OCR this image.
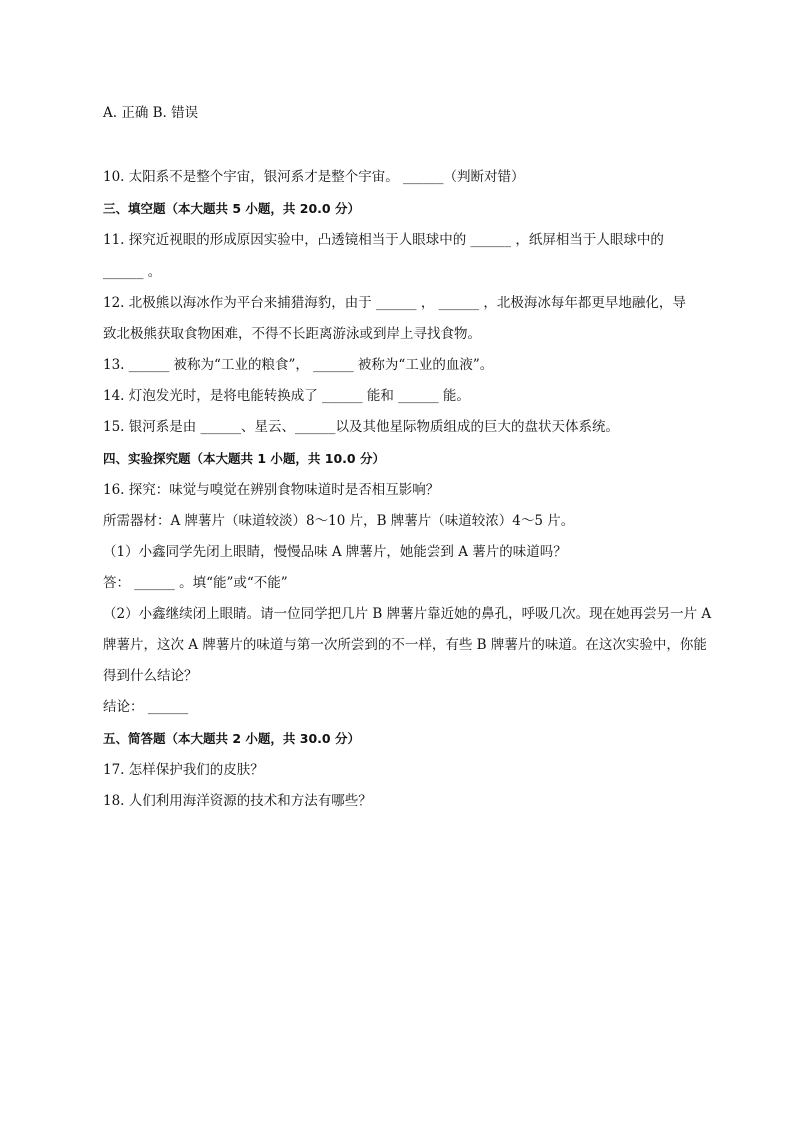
A. 正确 B. 错误
10. 太阳系不是整个宇宙，银河系才是整个宇宙。 ______（判断对错）
三、填空题（本大题共 5 小题，共 20.0 分）
11. 探究近视眼的形成原因实验中，凸透镜相当于人眼球中的 ______ ，纸屏相当于人眼球中的
______ 。
12. 北极熊以海冰作为平台来捕猎海豹，由于 ______ ， ______ ，北极海冰每年都更早地融化，导
致北极熊获取食物困难，不得不长距离游泳或到岸上寻找食物。
13. ______ 被称为“工业的粮食”， ______ 被称为“工业的血液”。
14. 灯泡发光时，是将电能转换成了 ______ 能和 ______ 能。
15. 银河系是由 ______、星云、______以及其他星际物质组成的巨大的盘状天体系统。
四、实验探究题（本大题共 1 小题，共 10.0 分）
16. 探究：味觉与嗅觉在辨别食物味道时是否相互影响？
所需器材：A 牌薯片（味道较淡）8～10 片，B 牌薯片（味道较浓）4～5 片。
（1）小鑫同学先闭上眼睛，慢慢品味 A 牌薯片，她能尝到 A 薯片的味道吗？
答： ______ 。填“能”或“不能”
（2）小鑫继续闭上眼睛。请一位同学把几片 B 牌薯片靠近她的鼻孔，呼吸几次。现在她再尝另一片 A
牌薯片，这次 A 牌薯片的味道与第一次所尝到的不一样，有些 B 牌薯片的味道。在这次实验中，你能
得到什么结论？
结论： ______
五、简答题（本大题共 2 小题，共 30.0 分）
17. 怎样保护我们的皮肤？
18. 人们利用海洋资源的技术和方法有哪些？
